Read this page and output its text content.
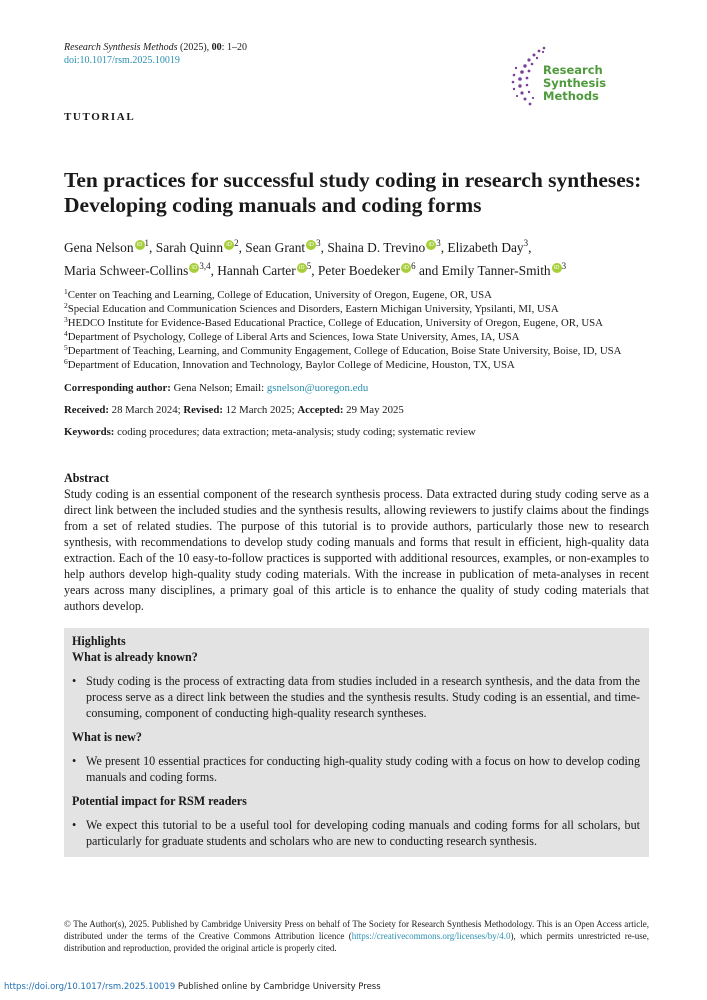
Research Synthesis Methods (2025), 00: 1–20
doi:10.1017/rsm.2025.10019
Research
Synthesis Methods
TUTORIAL
Ten practices for successful study coding in research syntheses: Developing coding manuals and coding forms
Gena Nelson iD $^1$, Sarah Quinn iD $^2$, Sean Grant iD $^3$, Shaina D. Trevino iD $^3$, Elizabeth Day$^3$,
Maria Schweer-Collins iD $^{3,4}$, Hannah Carter iD $^5$, Peter Boedeker iD $^6$ and Emily Tanner-Smith iD $^3$
$^1$Center on Teaching and Learning, College of Education, University of Oregon, Eugene, OR, USA
$^2$Special Education and Communication Sciences and Disorders, Eastern Michigan University, Ypsilanti, MI, USA
$^3$HEDCO Institute for Evidence-Based Educational Practice, College of Education, University of Oregon, Eugene, OR, USA
$^4$Department of Psychology, College of Liberal Arts and Sciences, Iowa State University, Ames, IA, USA
$^5$Department of Teaching, Learning, and Community Engagement, College of Education, Boise State University, Boise, ID, USA
$^6$Department of Education, Innovation and Technology, Baylor College of Medicine, Houston, TX, USA
Corresponding author: Gena Nelson; Email: gsnelson@uoregon.edu
Received: 28 March 2024; Revised: 12 March 2025; Accepted: 29 May 2025
Keywords: coding procedures; data extraction; meta-analysis; study coding; systematic review
Abstract
Study coding is an essential component of the research synthesis process. Data extracted during study coding serve as a direct link between the included studies and the synthesis results, allowing reviewers to justify claims about the findings from a set of related studies. The purpose of this tutorial is to provide authors, particularly those new to research synthesis, with recommendations to develop study coding manuals and forms that result in efficient, high-quality data extraction. Each of the 10 easy-to-follow practices is supported with additional resources, examples, or non-examples to help authors develop high-quality study coding materials. With the increase in publication of meta-analyses in recent years across many disciplines, a primary goal of this article is to enhance the quality of study coding materials that authors develop.
Highlights
What is already known?
• Study coding is the process of extracting data from studies included in a research synthesis, and the data from the process serve as a direct link between the studies and the synthesis results. Study coding is an essential, and time-consuming, component of conducting high-quality research syntheses.
What is new?
• We present 10 essential practices for conducting high-quality study coding with a focus on how to develop coding manuals and coding forms.
Potential impact for RSM readers
• We expect this tutorial to be a useful tool for developing coding manuals and coding forms for all scholars, but particularly for graduate students and scholars who are new to conducting research synthesis.
© The Author(s), 2025. Published by Cambridge University Press on behalf of The Society for Research Synthesis Methodology. This is an Open Access article, distributed under the terms of the Creative Commons Attribution licence (https://creativecommons.org/licenses/by/4.0), which permits unrestricted re-use, distribution and reproduction, provided the original article is properly cited.
https://doi.org/10.1017/rsm.2025.10019 Published online by Cambridge University Press
